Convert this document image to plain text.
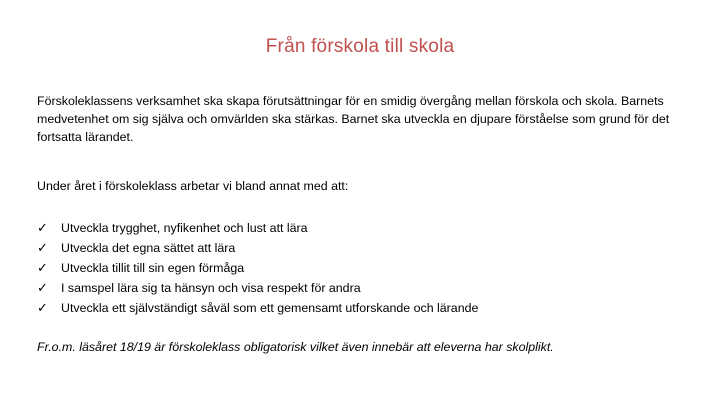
Från förskola till skola
Förskoleklassens verksamhet ska skapa förutsättningar för en smidig övergång mellan förskola och skola. Barnets medvetenhet om sig själva och omvärlden ska stärkas. Barnet ska utveckla en djupare förståelse som grund för det fortsatta lärandet.
Under året i förskoleklass arbetar vi bland annat med att:
✓	Utveckla trygghet, nyfikenhet och lust att lära
✓	Utveckla det egna sättet att lära
✓	Utveckla tillit till sin egen förmåga
✓	I samspel lära sig ta hänsyn och visa respekt för andra
✓	Utveckla ett självständigt såväl som ett gemensamt utforskande och lärande
Fr.o.m. läsåret 18/19 är förskoleklass obligatorisk vilket även innebär att eleverna har skolplikt.
